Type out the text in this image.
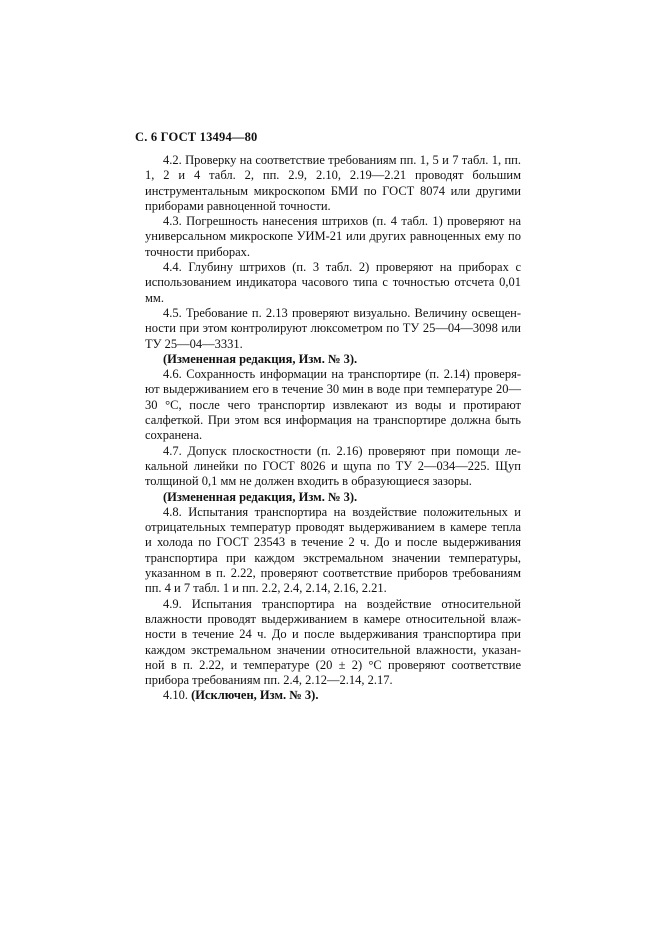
С. 6 ГОСТ 13494—80

4.2. Проверку на соответствие требованиям пп. 1, 5 и 7 табл. 1, пп. 1, 2 и 4 табл. 2, пп. 2.9, 2.10, 2.19—2.21 проводят большим инструментальным микроскопом БМИ по ГОСТ 8074 или другими приборами равноценной точности.

4.3. Погрешность нанесения штрихов (п. 4 табл. 1) проверяют на универсальном микроскопе УИМ-21 или других равноценных ему по точности приборах.

4.4. Глубину штрихов (п. 3 табл. 2) проверяют на приборах с использованием индикатора часового типа с точностью отсчета 0,01 мм.

4.5. Требование п. 2.13 проверяют визуально. Величину освещенности при этом контролируют люксометром по ТУ 25—04—3098 или ТУ 25—04—3331.

(Измененная редакция, Изм. № 3).

4.6. Сохранность информации на транспортире (п. 2.14) проверяют выдерживанием его в течение 30 мин в воде при температуре 20—30 °С, после чего транспортир извлекают из воды и протирают салфеткой. При этом вся информация на транспортире должна быть сохранена.

4.7. Допуск плоскостности (п. 2.16) проверяют при помощи лекальной линейки по ГОСТ 8026 и щупа по ТУ 2—034—225. Щуп толщиной 0,1 мм не должен входить в образующиеся зазоры.

(Измененная редакция, Изм. № 3).

4.8. Испытания транспортира на воздействие положительных и отрицательных температур проводят выдерживанием в камере тепла и холода по ГОСТ 23543 в течение 2 ч. До и после выдерживания транспортира при каждом экстремальном значении температуры, указанном в п. 2.22, проверяют соответствие приборов требованиям пп. 4 и 7 табл. 1 и пп. 2.2, 2.4, 2.14, 2.16, 2.21.

4.9. Испытания транспортира на воздействие относительной влажности проводят выдерживанием в камере относительной влажности в течение 24 ч. До и после выдерживания транспортира при каждом экстремальном значении относительной влажности, указанной в п. 2.22, и температуре (20 ± 2) °С проверяют соответствие прибора требованиям пп. 2.4, 2.12—2.14, 2.17.

4.10. (Исключен, Изм. № 3).
